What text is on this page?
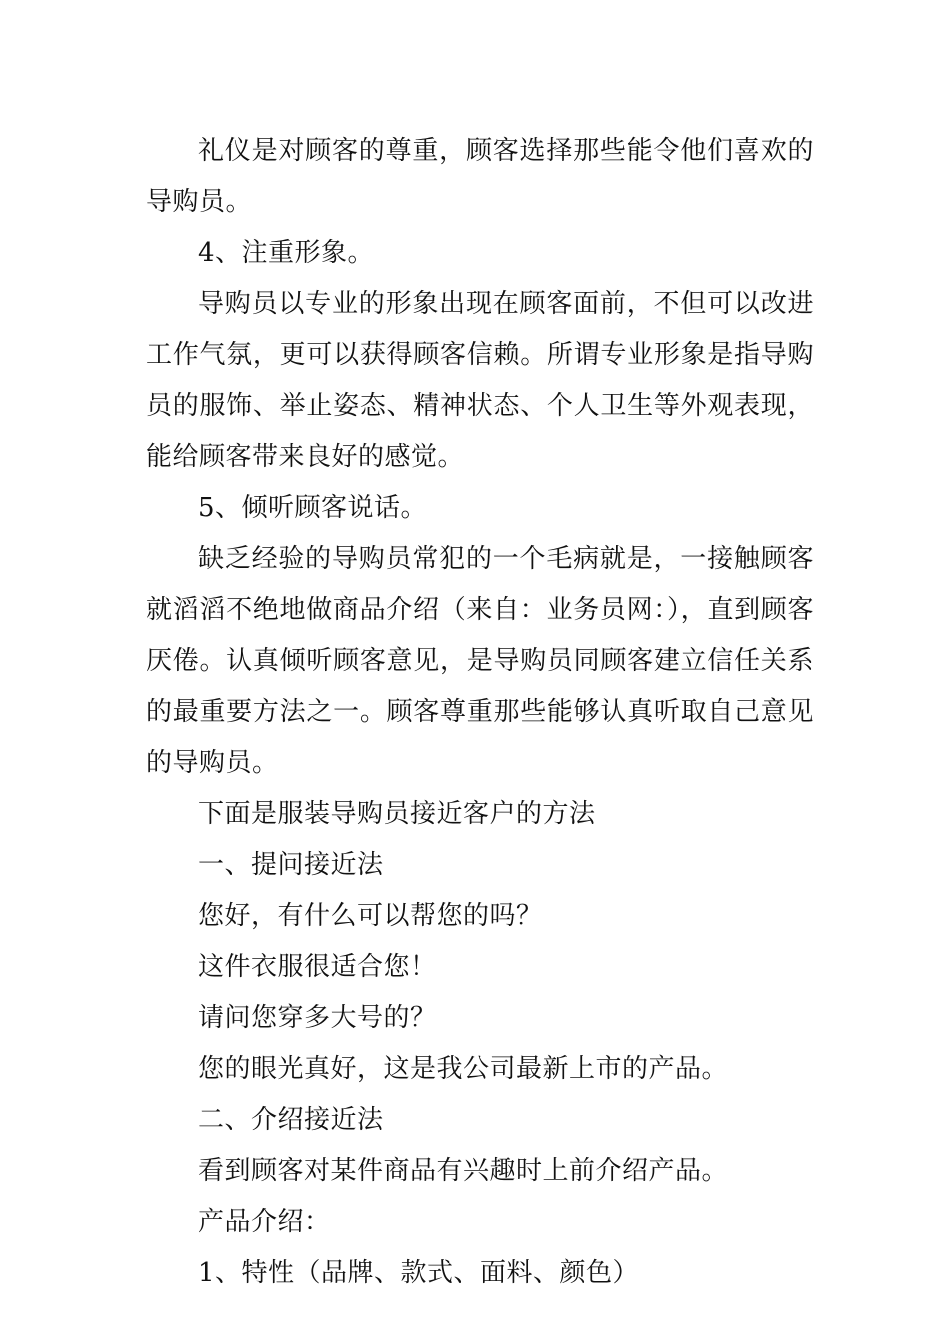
礼仪是对顾客的尊重，顾客选择那些能令他们喜欢的导购员。

4、注重形象。

导购员以专业的形象出现在顾客面前，不但可以改进工作气氛，更可以获得顾客信赖。所谓专业形象是指导购员的服饰、举止姿态、精神状态、个人卫生等外观表现，能给顾客带来良好的感觉。

5、倾听顾客说话。

缺乏经验的导购员常犯的一个毛病就是，一接触顾客就滔滔不绝地做商品介绍（来自：业务员网：），直到顾客厌倦。认真倾听顾客意见，是导购员同顾客建立信任关系的最重要方法之一。顾客尊重那些能够认真听取自己意见的导购员。

下面是服装导购员接近客户的方法

一、提问接近法

您好，有什么可以帮您的吗？

这件衣服很适合您！

请问您穿多大号的？

您的眼光真好，这是我公司最新上市的产品。

二、介绍接近法

看到顾客对某件商品有兴趣时上前介绍产品。

产品介绍：

1、特性（品牌、款式、面料、颜色）
